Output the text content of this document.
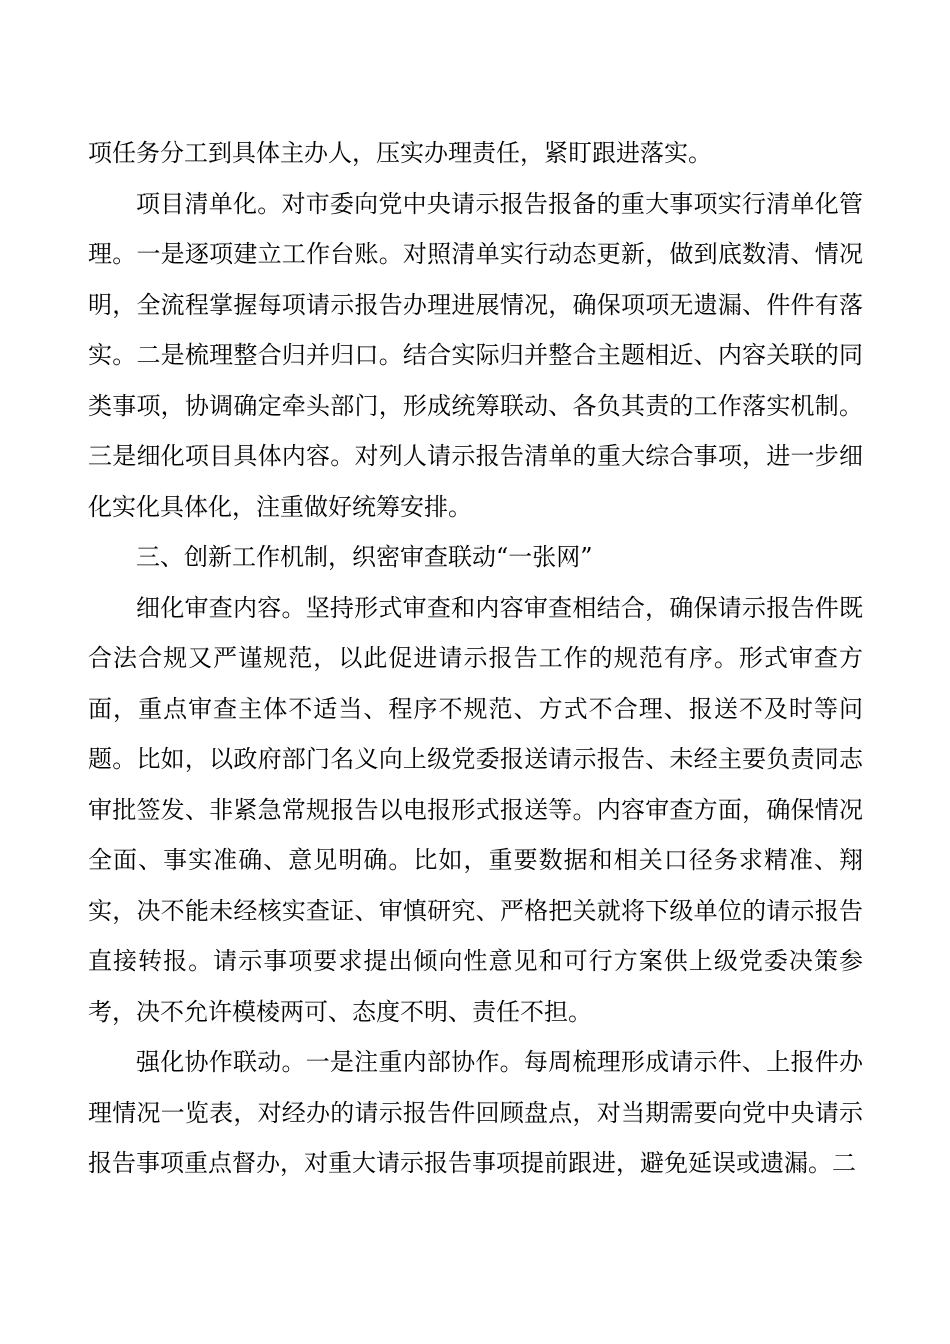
项任务分工到具体主办人，压实办理责任，紧盯跟进落实。

项目清单化。对市委向党中央请示报告报备的重大事项实行清单化管理。一是逐项建立工作台账。对照清单实行动态更新，做到底数清、情况明，全流程掌握每项请示报告办理进展情况，确保项项无遗漏、件件有落实。二是梳理整合归并归口。结合实际归并整合主题相近、内容关联的同类事项，协调确定牵头部门，形成统筹联动、各负其责的工作落实机制。三是细化项目具体内容。对列人请示报告清单的重大综合事项，进一步细化实化具体化，注重做好统筹安排。

三、创新工作机制，织密审查联动“一张网”

细化审查内容。坚持形式审查和内容审查相结合，确保请示报告件既合法合规又严谨规范，以此促进请示报告工作的规范有序。形式审查方面，重点审查主体不适当、程序不规范、方式不合理、报送不及时等问题。比如，以政府部门名义向上级党委报送请示报告、未经主要负责同志审批签发、非紧急常规报告以电报形式报送等。内容审查方面，确保情况全面、事实准确、意见明确。比如，重要数据和相关口径务求精准、翔实，决不能未经核实查证、审慎研究、严格把关就将下级单位的请示报告直接转报。请示事项要求提出倾向性意见和可行方案供上级党委决策参考，决不允许模棱两可、态度不明、责任不担。

强化协作联动。一是注重内部协作。每周梳理形成请示件、上报件办理情况一览表，对经办的请示报告件回顾盘点，对当期需要向党中央请示报告事项重点督办，对重大请示报告事项提前跟进，避免延误或遗漏。二
